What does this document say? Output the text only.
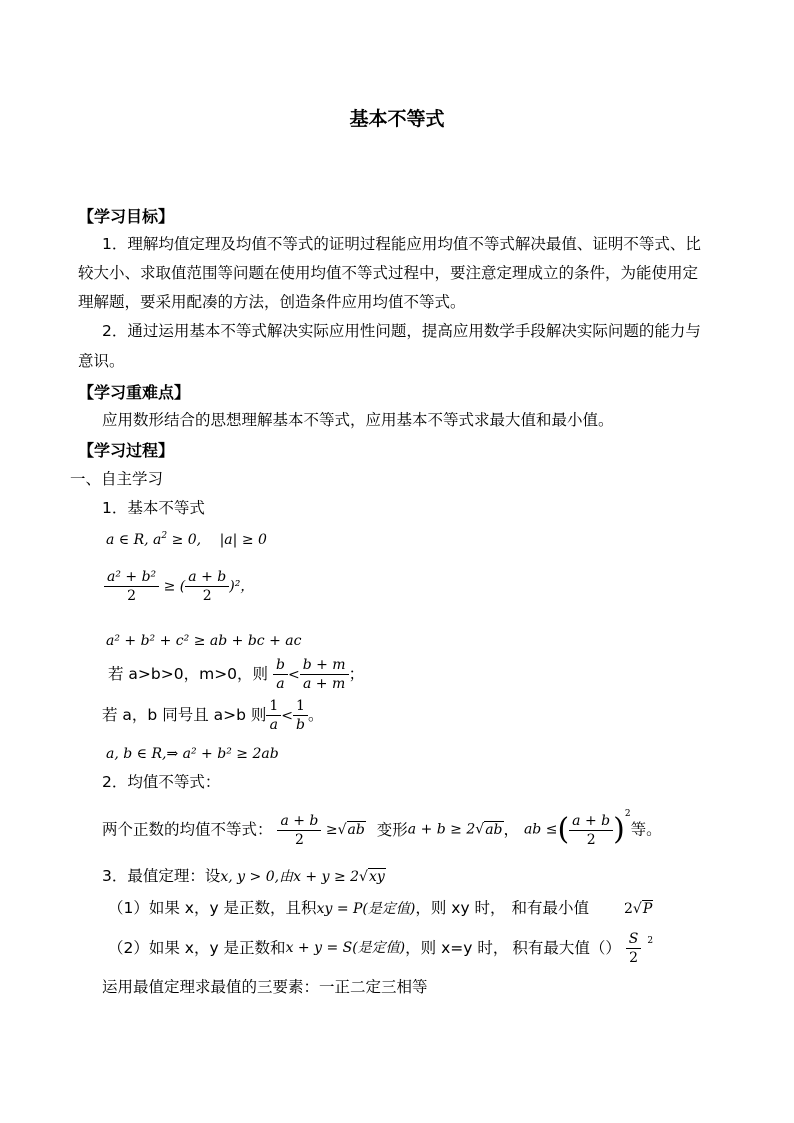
基本不等式
【学习目标】
1．理解均值定理及均值不等式的证明过程能应用均值不等式解决最值、证明不等式、比
较大小、求取值范围等问题在使用均值不等式过程中，要注意定理成立的条件，为能使用定
理解题，要采用配凑的方法，创造条件应用均值不等式。
2．通过运用基本不等式解决实际应用性问题，提高应用数学手段解决实际问题的能力与
意识。
【学习重难点】
应用数形结合的思想理解基本不等式，应用基本不等式求最大值和最小值。
【学习过程】
一、自主学习
1．基本不等式
a ∈ R, $a^2 \ge 0$, |a| ≥ 0
$\frac{\text{a² + b²}}{2}$ ≥ ( $\frac{a + b}{2} )^2$，
a² + b² + c² ≥ ab + bc + ac
若 a>b>0，m>0，则 $\frac{b}{a} < \frac{b + m}{a + m}$ ；
若 a，b 同号且 a>b 则 $\frac{1}{a} < \frac{1}{b}$ 。
a, b ∈ R,⇒ a² + b² ≥ 2ab
2．均值不等式：
两个正数的均值不等式： $\frac{a + b}{2} \ge√ab$ 变形a + b ≥ 2√ab， ab ≤( $\frac{a + b}{2} )^2$等。
3．最值定理：设x, y > 0,由x + y ≥ 2√xy
（1）如果 x，y 是正数，且积xy = P(是定值)，则 xy 时， 和有最小值 2√P
（2）如果 x，y 是正数和x + y = S(是定值)，则 x=y 时， 积有最大值（） $\frac{S}{2} ^2$
运用最值定理求最值的三要素：一正二定三相等
